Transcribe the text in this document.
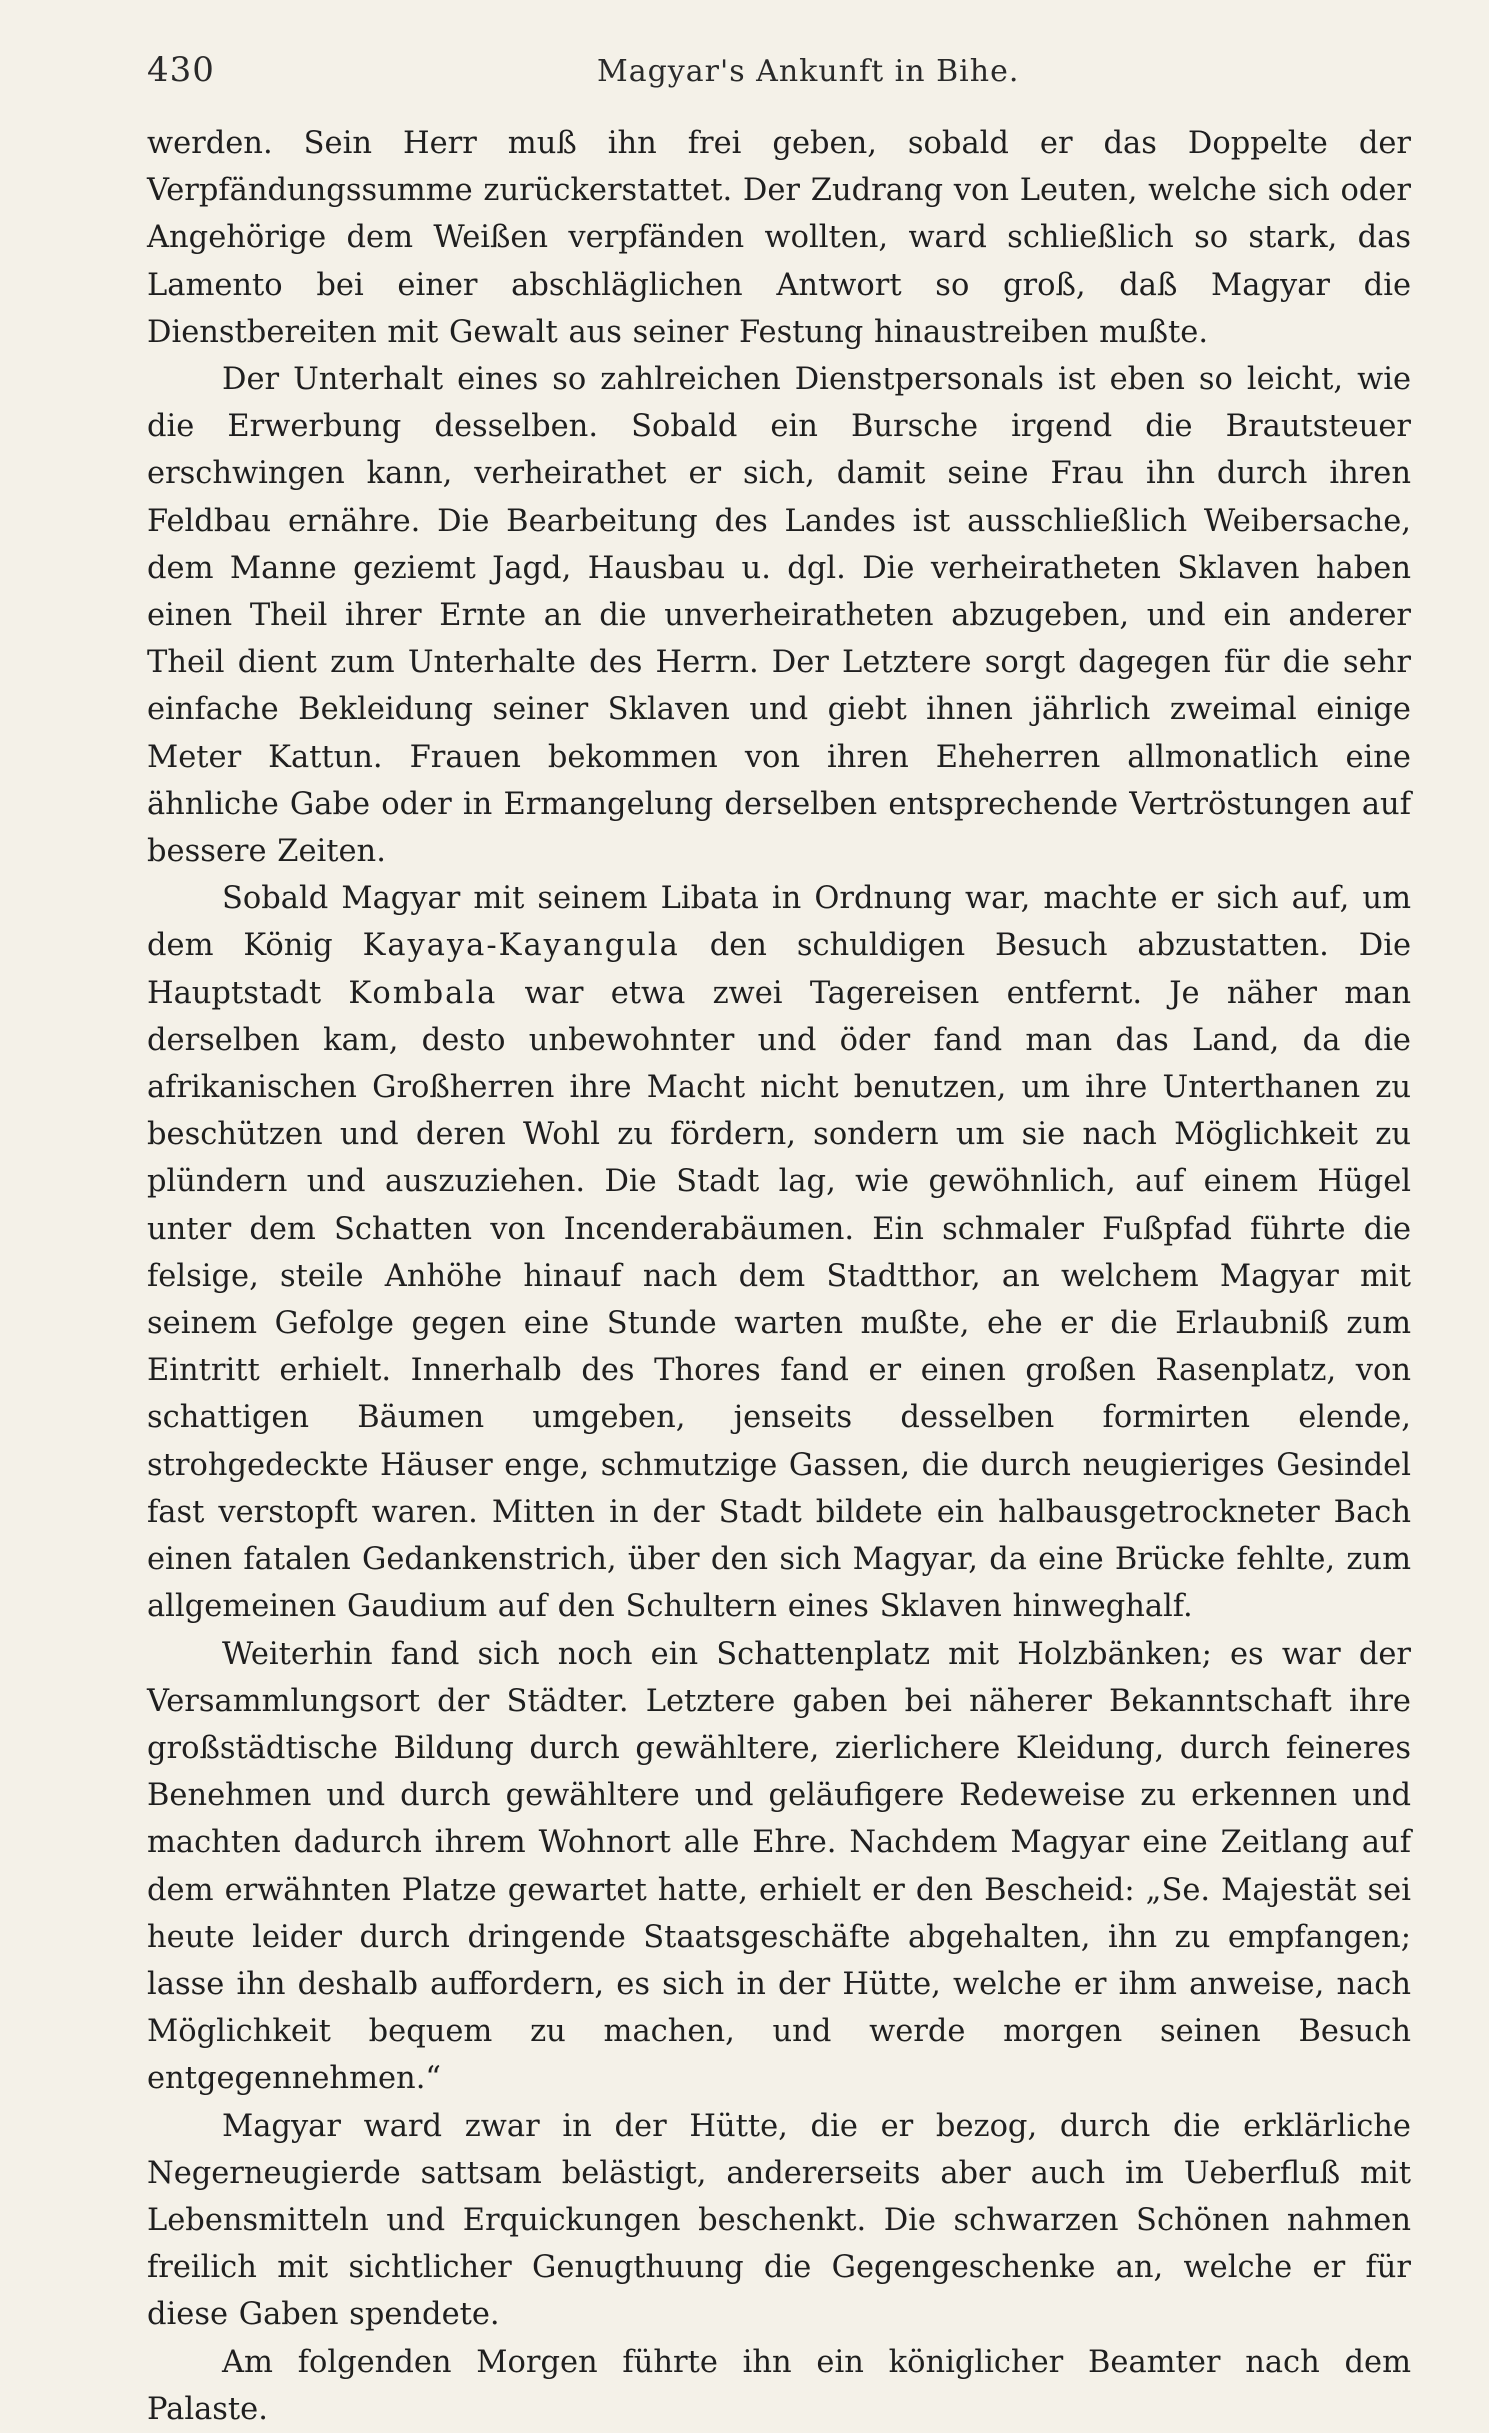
430	Magyar's Ankunft in Bihe.

werden. Sein Herr muß ihn frei geben, sobald er das Doppelte der Verpfändungssumme zurückerstattet. Der Zudrang von Leuten, welche sich oder Angehörige dem Weißen verpfänden wollten, ward schließlich so stark, das Lamento bei einer abschläglichen Antwort so groß, daß Magyar die Dienstbereiten mit Gewalt aus seiner Festung hinaustreiben mußte.

Der Unterhalt eines so zahlreichen Dienstpersonals ist eben so leicht, wie die Erwerbung desselben. Sobald ein Bursche irgend die Brautsteuer erschwingen kann, verheirathet er sich, damit seine Frau ihn durch ihren Feldbau ernähre. Die Bearbeitung des Landes ist ausschließlich Weibersache, dem Manne geziemt Jagd, Hausbau u. dgl. Die verheiratheten Sklaven haben einen Theil ihrer Ernte an die unverheiratheten abzugeben, und ein anderer Theil dient zum Unterhalte des Herrn. Der Letztere sorgt dagegen für die sehr einfache Bekleidung seiner Sklaven und giebt ihnen jährlich zweimal einige Meter Kattun. Frauen bekommen von ihren Eheherren allmonatlich eine ähnliche Gabe oder in Ermangelung derselben entsprechende Vertröstungen auf bessere Zeiten.

Sobald Magyar mit seinem Libata in Ordnung war, machte er sich auf, um dem König Kayaya-Kayangula den schuldigen Besuch abzustatten. Die Hauptstadt Kombala war etwa zwei Tagereisen entfernt. Je näher man derselben kam, desto unbewohnter und öder fand man das Land, da die afrikanischen Großherren ihre Macht nicht benutzen, um ihre Unterthanen zu beschützen und deren Wohl zu fördern, sondern um sie nach Möglichkeit zu plündern und auszuziehen. Die Stadt lag, wie gewöhnlich, auf einem Hügel unter dem Schatten von Incenderabäumen. Ein schmaler Fußpfad führte die felsige, steile Anhöhe hinauf nach dem Stadtthor, an welchem Magyar mit seinem Gefolge gegen eine Stunde warten mußte, ehe er die Erlaubniß zum Eintritt erhielt. Innerhalb des Thores fand er einen großen Rasenplatz, von schattigen Bäumen umgeben, jenseits desselben formirten elende, strohgedeckte Häuser enge, schmutzige Gassen, die durch neugieriges Gesindel fast verstopft waren. Mitten in der Stadt bildete ein halbausgetrockneter Bach einen fatalen Gedankenstrich, über den sich Magyar, da eine Brücke fehlte, zum allgemeinen Gaudium auf den Schultern eines Sklaven hinweghalf.

Weiterhin fand sich noch ein Schattenplatz mit Holzbänken; es war der Versammlungsort der Städter. Letztere gaben bei näherer Bekanntschaft ihre großstädtische Bildung durch gewähltere, zierlichere Kleidung, durch feineres Benehmen und durch gewähltere und geläufigere Redeweise zu erkennen und machten dadurch ihrem Wohnort alle Ehre. Nachdem Magyar eine Zeitlang auf dem erwähnten Platze gewartet hatte, erhielt er den Bescheid: „Se. Majestät sei heute leider durch dringende Staatsgeschäfte abgehalten, ihn zu empfangen; lasse ihn deshalb auffordern, es sich in der Hütte, welche er ihm anweise, nach Möglichkeit bequem zu machen, und werde morgen seinen Besuch entgegennehmen.“

Magyar ward zwar in der Hütte, die er bezog, durch die erklärliche Negerneugierde sattsam belästigt, andererseits aber auch im Ueberfluß mit Lebensmitteln und Erquickungen beschenkt. Die schwarzen Schönen nahmen freilich mit sichtlicher Genugthuung die Gegengeschenke an, welche er für diese Gaben spendete.

Am folgenden Morgen führte ihn ein königlicher Beamter nach dem Palaste.
